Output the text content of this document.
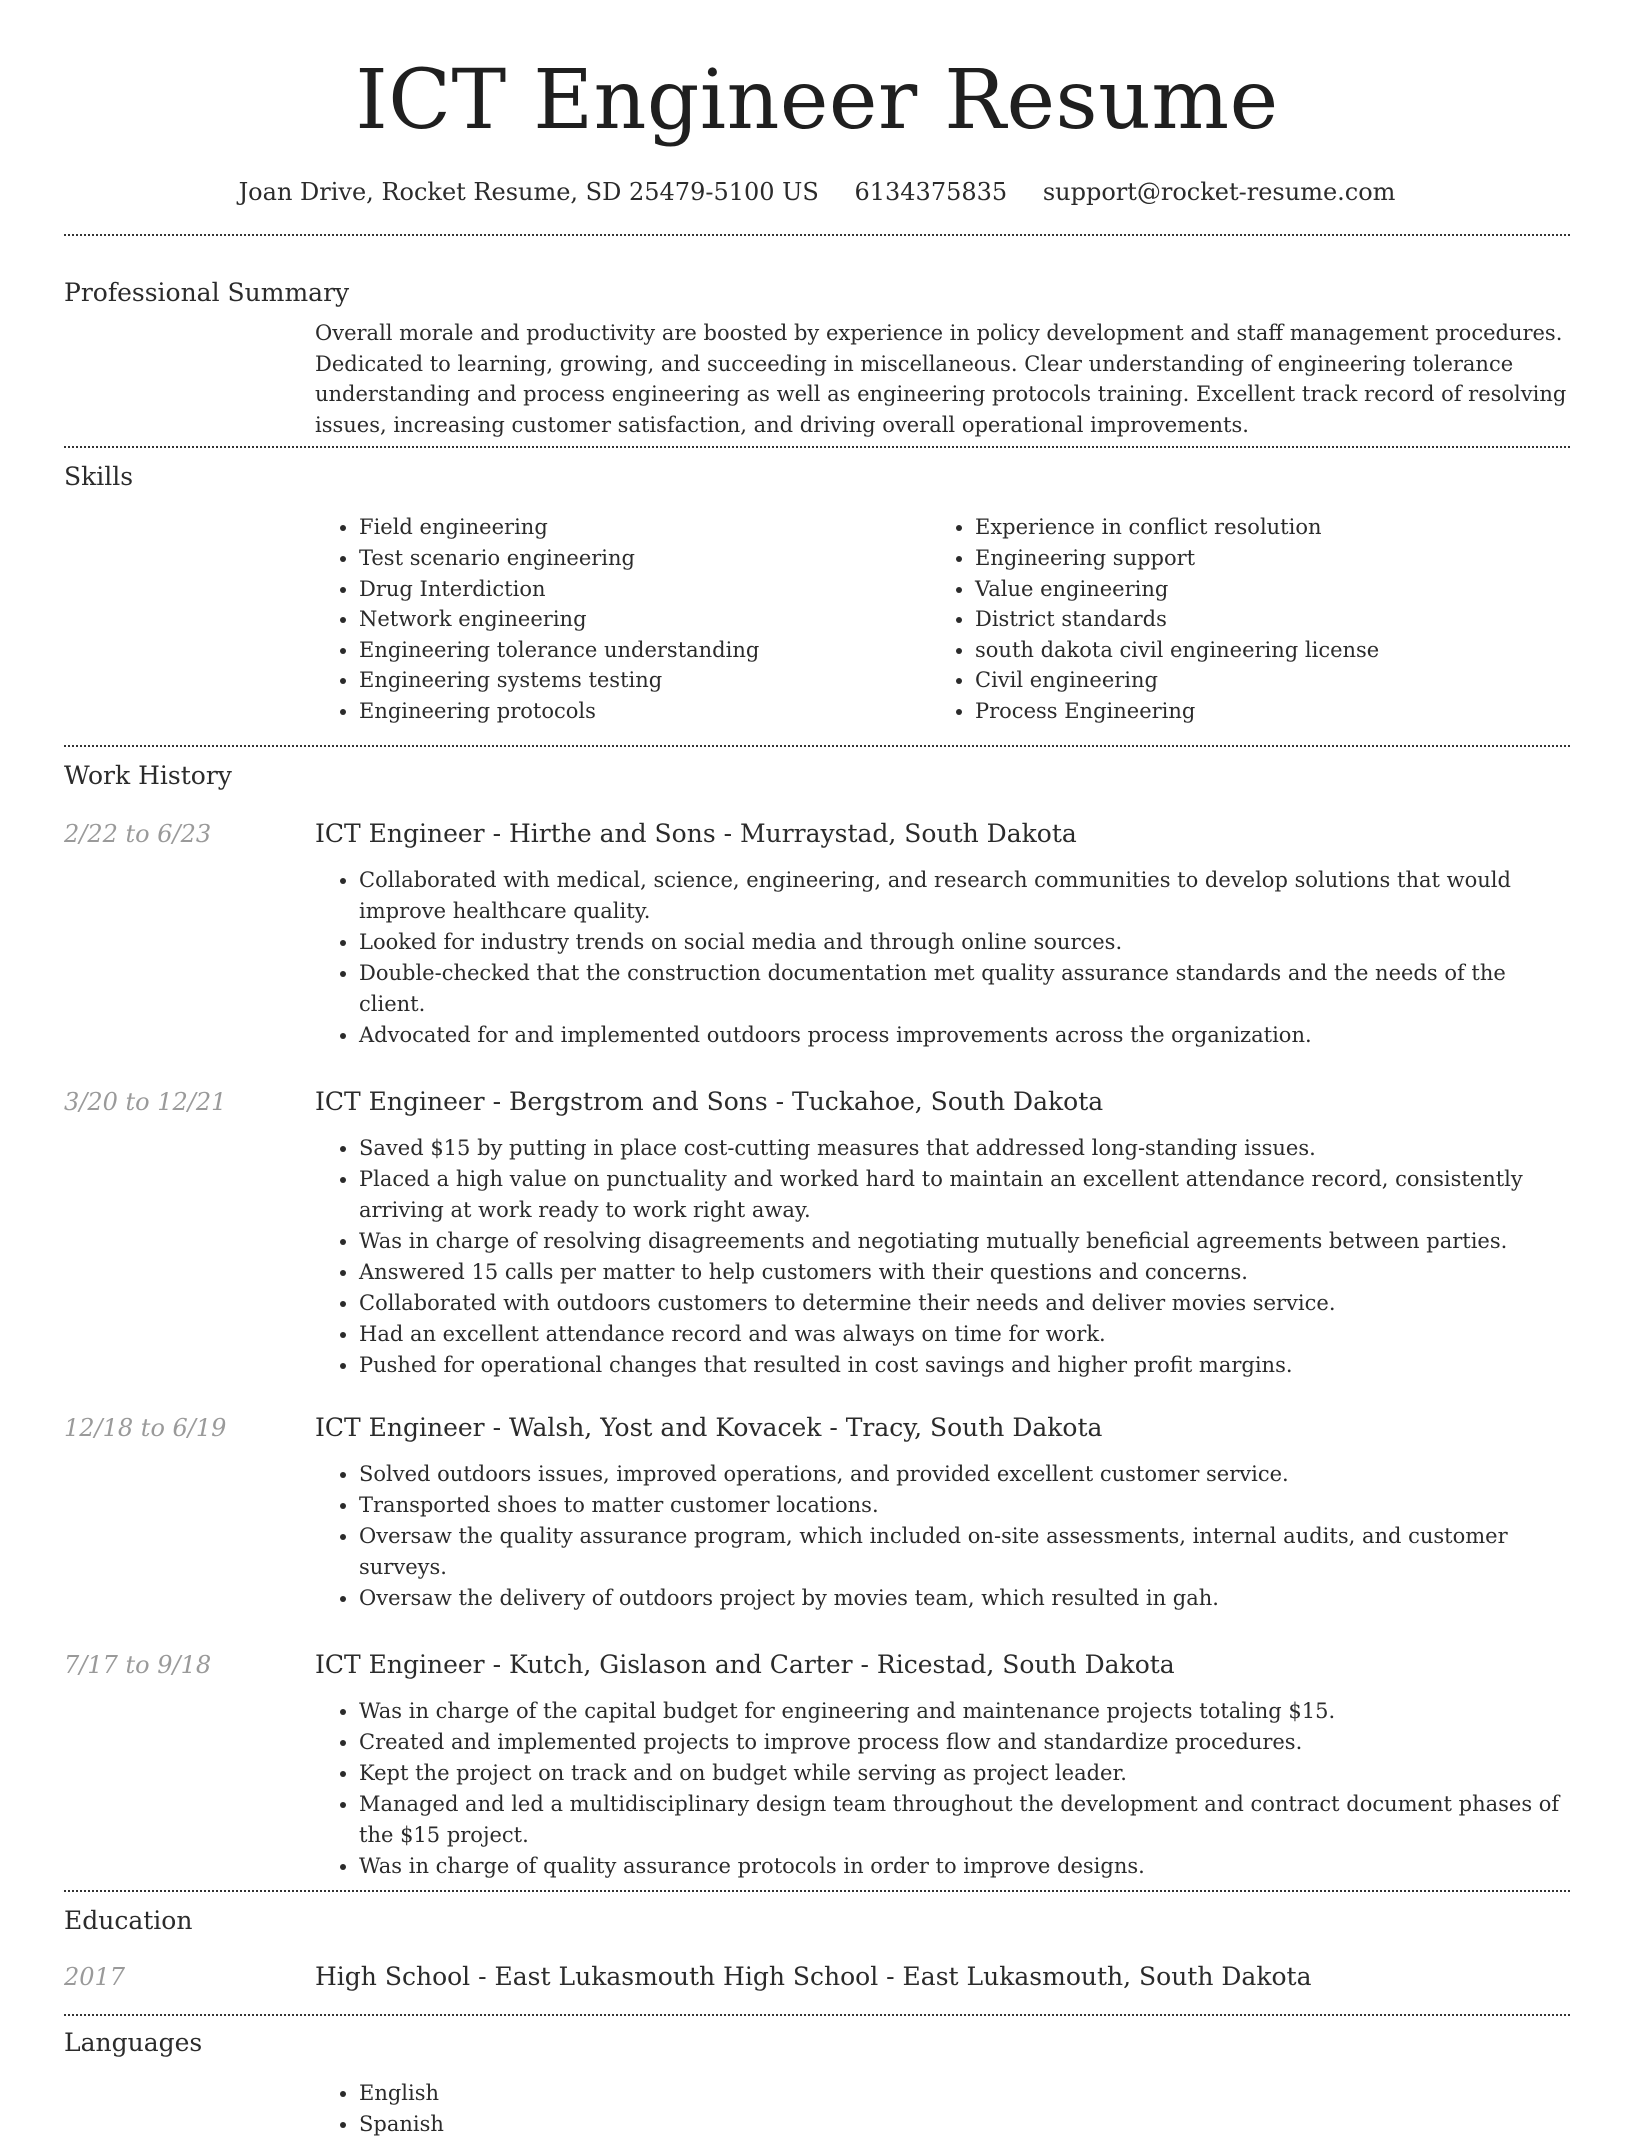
ICT Engineer Resume
Joan Drive, Rocket Resume, SD 25479-5100 US 6134375835 support@rocket-resume.com
Professional Summary

Overall morale and productivity are boosted by experience in policy development and staff management procedures. Dedicated to learning, growing, and succeeding in miscellaneous. Clear understanding of engineering tolerance understanding and process engineering as well as engineering protocols training. Excellent track record of resolving issues, increasing customer satisfaction, and driving overall operational improvements.

Skills
• Field engineering
• Test scenario engineering
• Drug Interdiction
• Network engineering
• Engineering tolerance understanding
• Engineering systems testing
• Engineering protocols
• Experience in conflict resolution
• Engineering support
• Value engineering
• District standards
• south dakota civil engineering license
• Civil engineering
• Process Engineering
Work History
2/22 to 6/23	ICT Engineer - Hirthe and Sons - Murraystad, South Dakota
• Collaborated with medical, science, engineering, and research communities to develop solutions that would improve healthcare quality.
• Looked for industry trends on social media and through online sources.
• Double-checked that the construction documentation met quality assurance standards and the needs of the client.
• Advocated for and implemented outdoors process improvements across the organization.
3/20 to 12/21	ICT Engineer - Bergstrom and Sons - Tuckahoe, South Dakota
• Saved $15 by putting in place cost-cutting measures that addressed long-standing issues.
• Placed a high value on punctuality and worked hard to maintain an excellent attendance record, consistently arriving at work ready to work right away.
• Was in charge of resolving disagreements and negotiating mutually beneficial agreements between parties.
• Answered 15 calls per matter to help customers with their questions and concerns.
• Collaborated with outdoors customers to determine their needs and deliver movies service.
• Had an excellent attendance record and was always on time for work.
• Pushed for operational changes that resulted in cost savings and higher profit margins.
12/18 to 6/19	ICT Engineer - Walsh, Yost and Kovacek - Tracy, South Dakota
• Solved outdoors issues, improved operations, and provided excellent customer service.
• Transported shoes to matter customer locations.
• Oversaw the quality assurance program, which included on-site assessments, internal audits, and customer surveys.
• Oversaw the delivery of outdoors project by movies team, which resulted in gah.
7/17 to 9/18	ICT Engineer - Kutch, Gislason and Carter - Ricestad, South Dakota
• Was in charge of the capital budget for engineering and maintenance projects totaling $15.
• Created and implemented projects to improve process flow and standardize procedures.
• Kept the project on track and on budget while serving as project leader.
• Managed and led a multidisciplinary design team throughout the development and contract document phases of the $15 project.
• Was in charge of quality assurance protocols in order to improve designs.
Education
2017	High School - East Lukasmouth High School - East Lukasmouth, South Dakota
Languages
• English
• Spanish
